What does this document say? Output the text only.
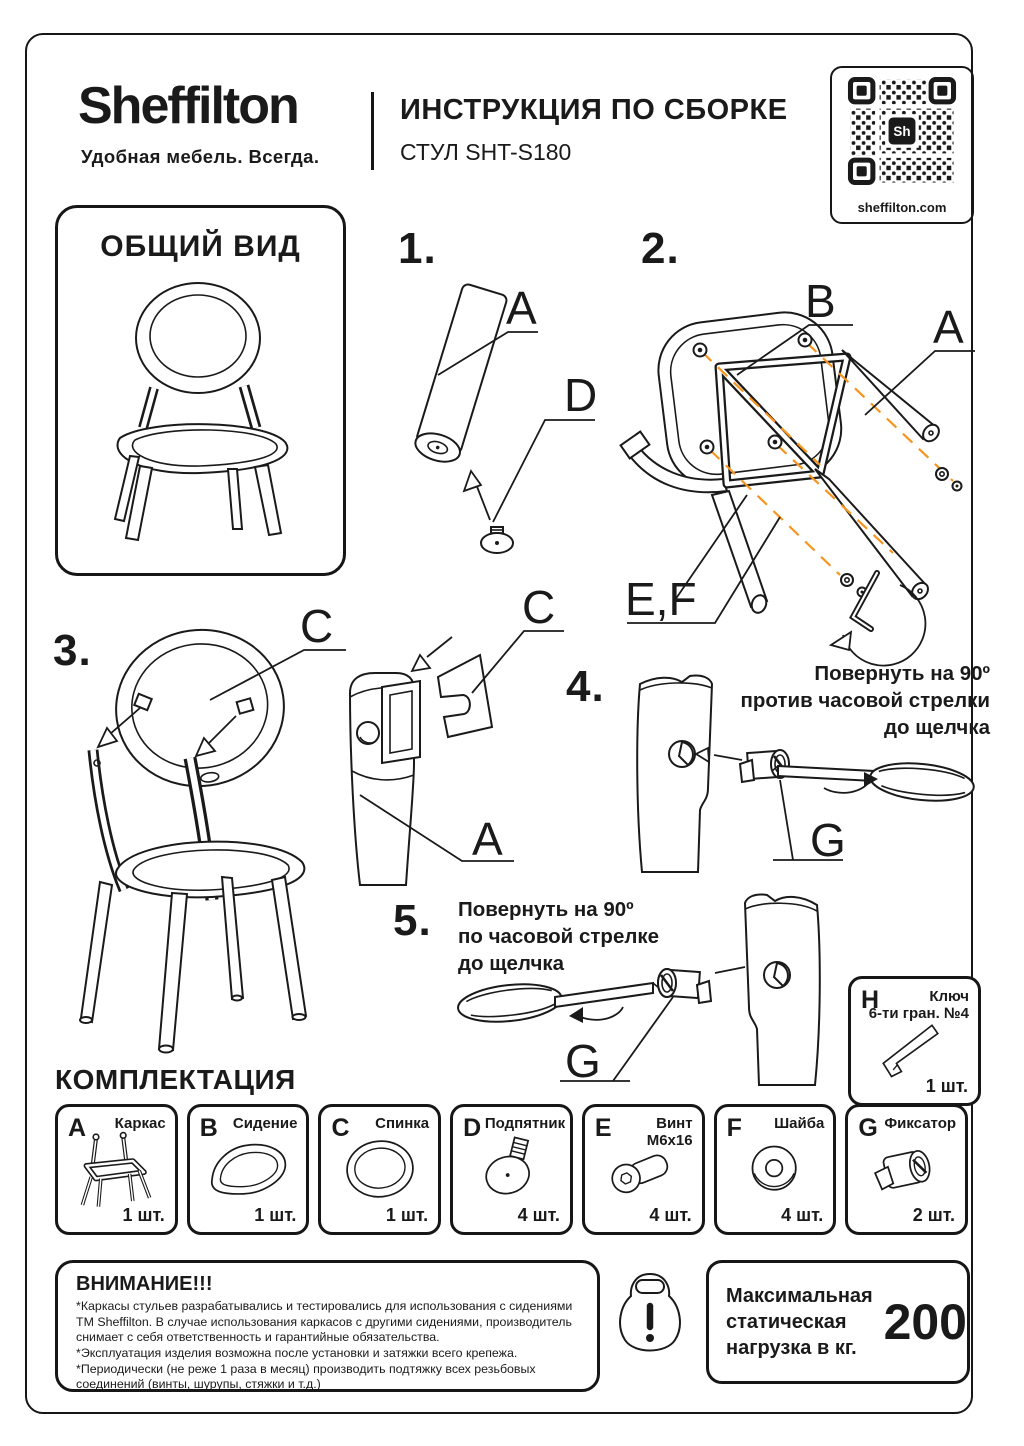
Sheffilton
Удобная мебель. Всегда.
ИНСТРУКЦИЯ ПО СБОРКЕ
СТУЛ SHT-S180
Sh
sheffilton.com
ОБЩИЙ ВИД	1.
A
D
2.
B A
E,F
3.	C	C
A
4.	Повернуть на 90º
против часовой стрелки
до щелчка
G
5. Повернуть на 90º
по часовой стрелке
до щелчка
G
H	Ключ
6-ти гран. №4
1 шт.
КОМПЛЕКТАЦИЯ
A Каркас
1 шт.
B Сидение
1 шт.
C Спинка
1 шт.
D Подпятник
4 шт.
E	Винт М6х16
4 шт.
F Шайба
4 шт.
G Фиксатор
2 шт.
ВНИМАНИЕ!!!

*Каркасы стульев разрабатывались и тестировались для использования с сидениями ТМ Sheffilton. В случае использования каркасов с другими сидениями, производитель снимает с себя ответственность и гарантийные обязательства.

*Эксплуатация изделия возможна после установки и затяжки всего крепежа.

*Периодически (не реже 1 раза в месяц) производить подтяжку всех резьбовых соединений (винты, шурупы, стяжки и т.д.)

Максимальная статическая нагрузка в кг. 200
